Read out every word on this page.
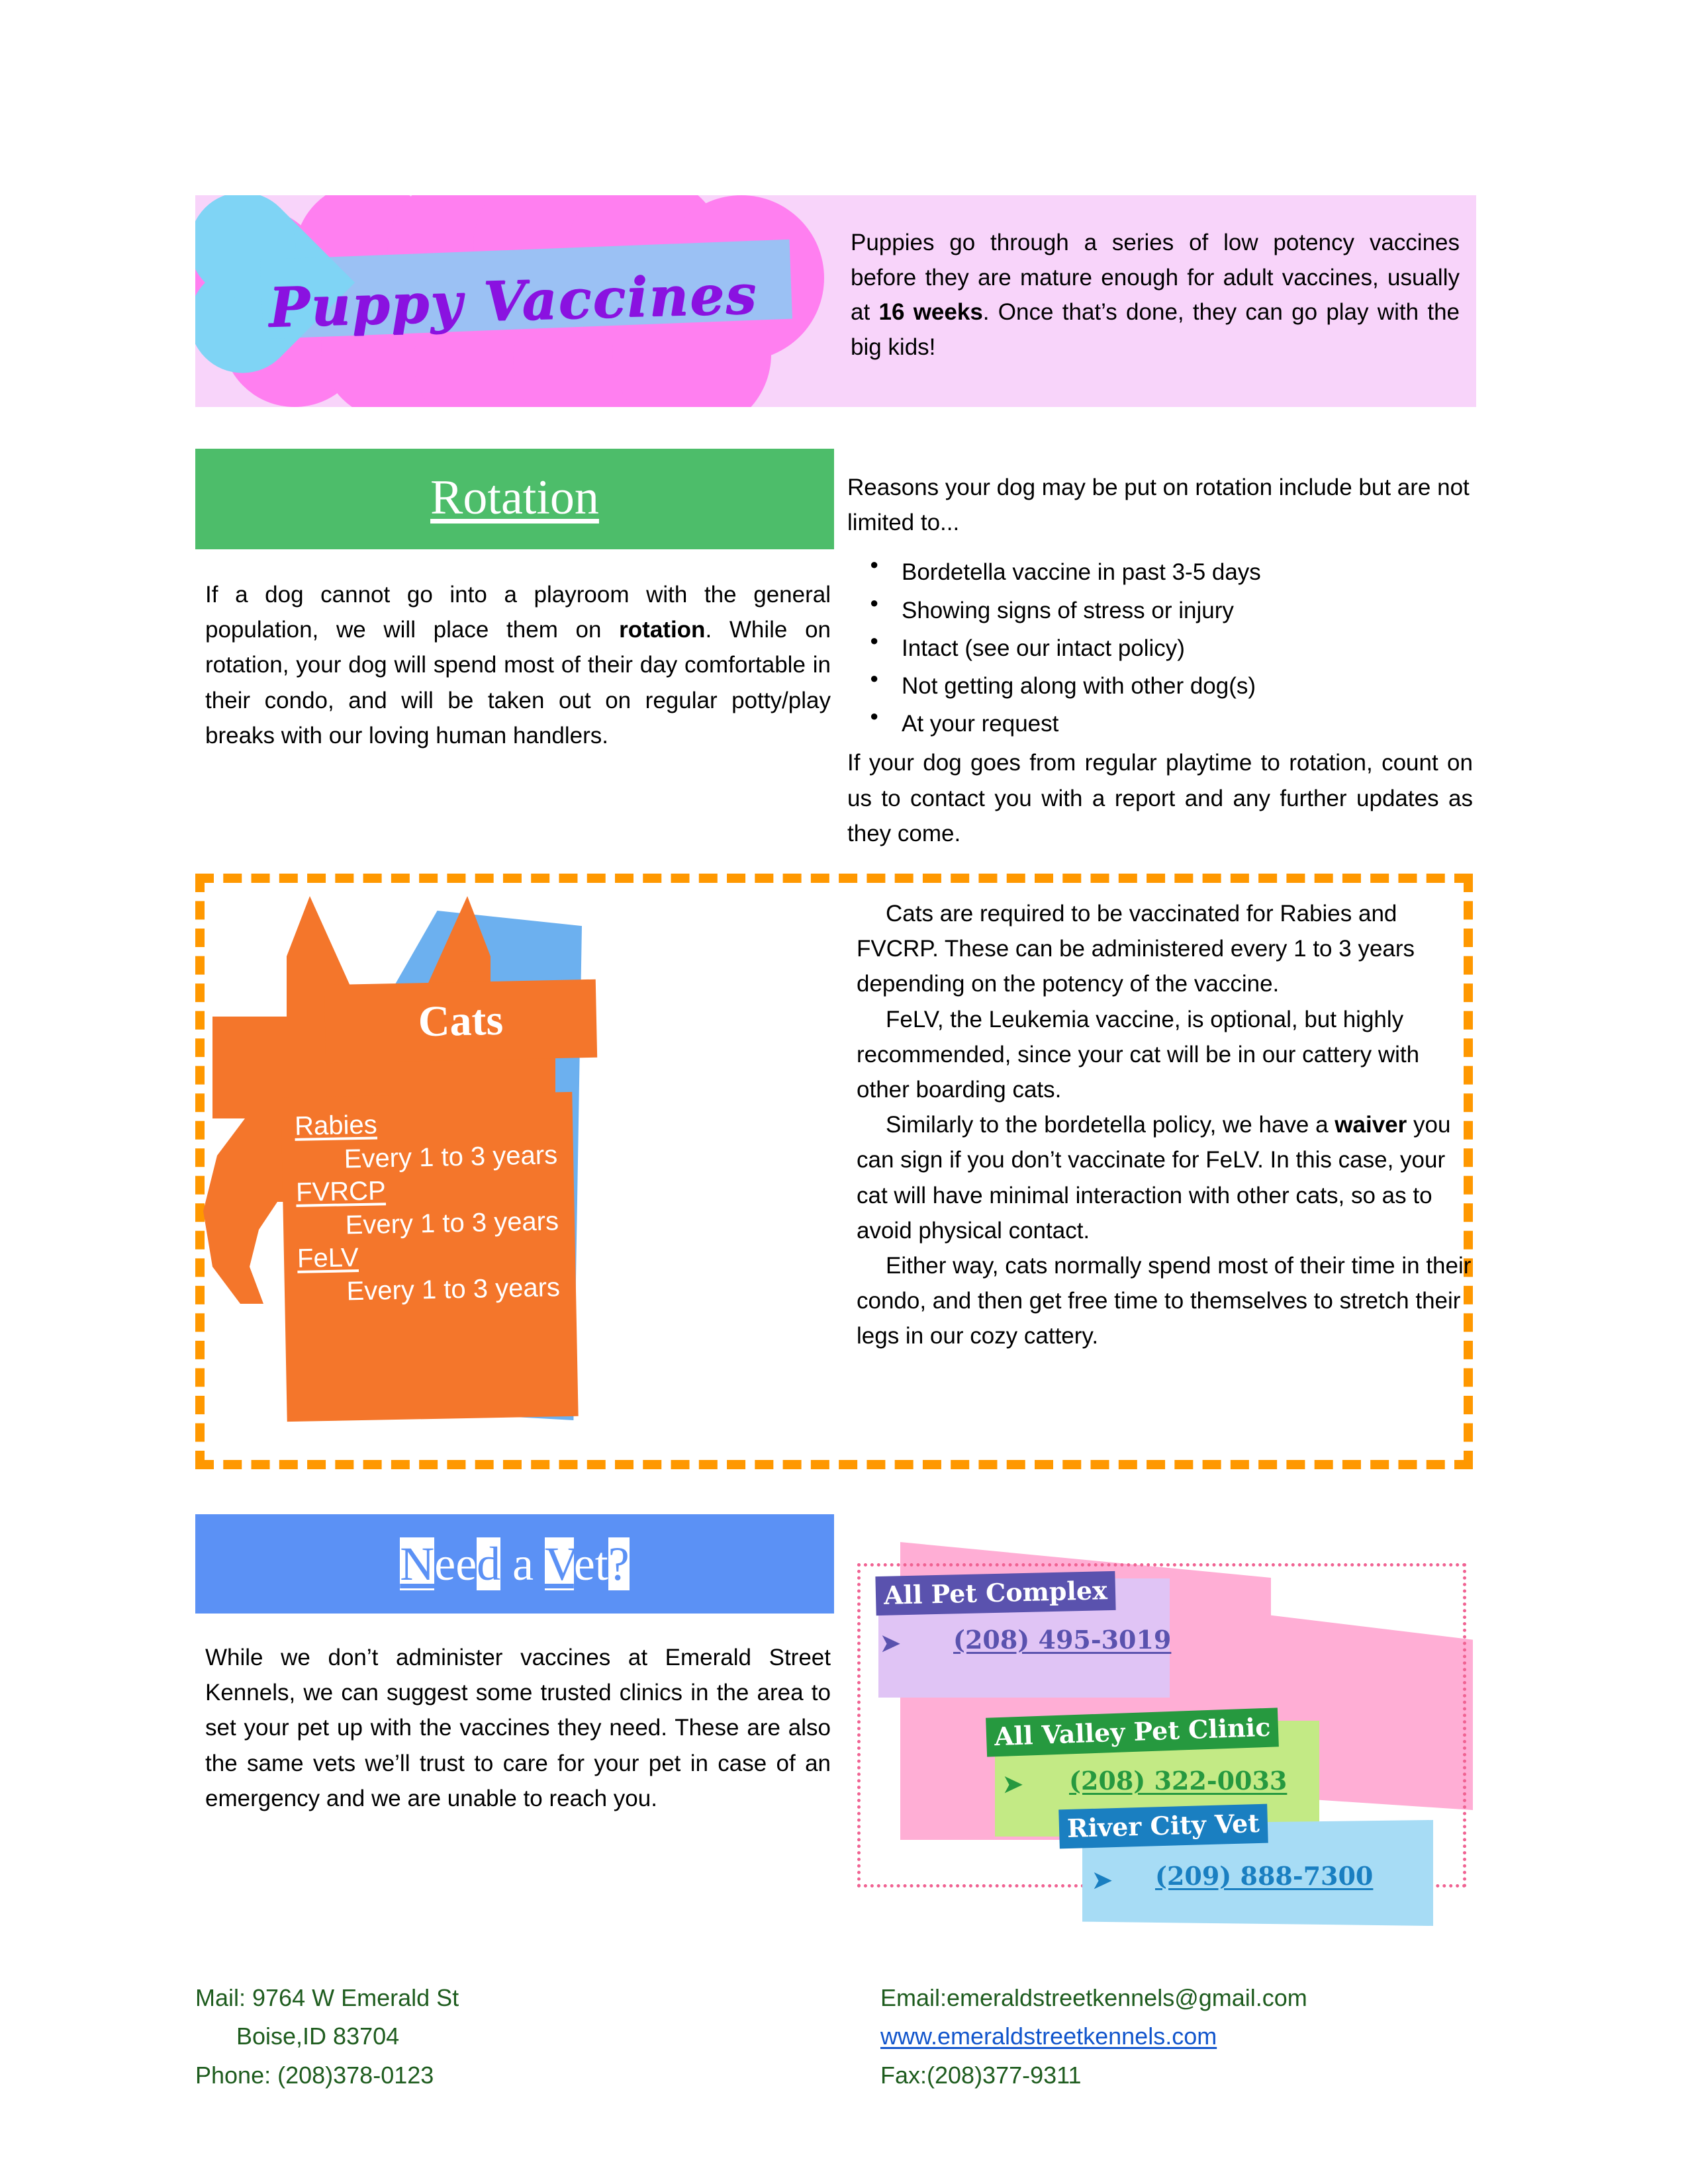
Puppy Vaccines
Puppies go through a series of low potency vaccines before they are mature enough for adult vaccines, usually at 16 weeks. Once that’s done, they can go play with the big kids!
Rotation
If a dog cannot go into a playroom with the general population, we will place them on rotation. While on rotation, your dog will spend most of their day comfortable in their condo, and will be taken out on regular potty/play breaks with our loving human handlers.

Reasons your dog may be put on rotation include but are not limited to...

● Bordetella vaccine in past 3-5 days
● Showing signs of stress or injury
● Intact (see our intact policy)
● Not getting along with other dog(s)
● At your request

If your dog goes from regular playtime to rotation, count on us to contact you with a report and any further updates as they come.

Cats
Rabies
Every 1 to 3 years
FVRCP
Every 1 to 3 years
FeLV
Every 1 to 3 years

Cats are required to be vaccinated for Rabies and FVCRP. These can be administered every 1 to 3 years depending on the potency of the vaccine.

FeLV, the Leukemia vaccine, is optional, but highly recommended, since your cat will be in our cattery with other boarding cats.

Similarly to the bordetella policy, we have a waiver you can sign if you don’t vaccinate for FeLV. In this case, your cat will have minimal interaction with other cats, so as to avoid physical contact.

Either way, cats normally spend most of their time in their condo, and then get free time to themselves to stretch their legs in our cozy cattery.

Need a Vet?
While we don’t administer vaccines at Emerald Street Kennels, we can suggest some trusted clinics in the area to set your pet up with the vaccines they need. These are also the same vets we’ll trust to care for your pet in case of an emergency and we are unable to reach you.
All Pet Complex
➤ (208) 495-3019
All Valley Pet Clinic
➤ (208) 322-0033
River City Vet
➤ (209) 888-7300
Mail: 9764 W Emerald St
Boise,ID 83704
Phone: (208)378-0123
Email:emeraldstreetkennels@gmail.com
www.emeraldstreetkennels.com
Fax:(208)377-9311
